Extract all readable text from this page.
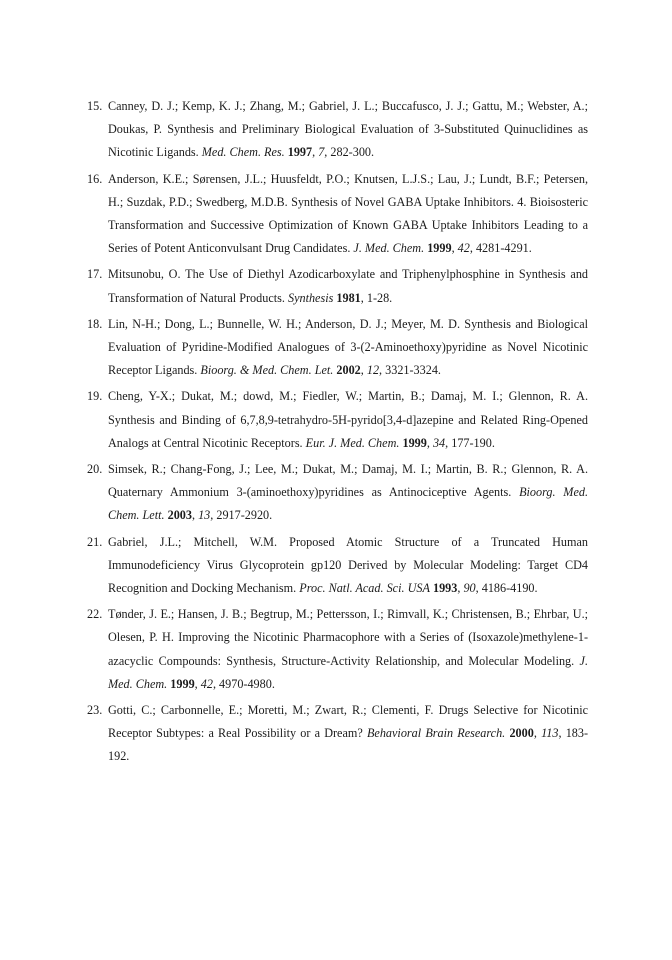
15. Canney, D. J.; Kemp, K. J.; Zhang, M.; Gabriel, J. L.; Buccafusco, J. J.; Gattu, M.; Webster, A.; Doukas, P. Synthesis and Preliminary Biological Evaluation of 3-Substituted Quinuclidines as Nicotinic Ligands. Med. Chem. Res. 1997, 7, 282-300.
16. Anderson, K.E.; Sørensen, J.L.; Huusfeldt, P.O.; Knutsen, L.J.S.; Lau, J.; Lundt, B.F.; Petersen, H.; Suzdak, P.D.; Swedberg, M.D.B. Synthesis of Novel GABA Uptake Inhibitors. 4. Bioisosteric Transformation and Successive Optimization of Known GABA Uptake Inhibitors Leading to a Series of Potent Anticonvulsant Drug Candidates. J. Med. Chem. 1999, 42, 4281-4291.
17. Mitsunobu, O. The Use of Diethyl Azodicarboxylate and Triphenylphosphine in Synthesis and Transformation of Natural Products. Synthesis 1981, 1-28.
18. Lin, N-H.; Dong, L.; Bunnelle, W. H.; Anderson, D. J.; Meyer, M. D. Synthesis and Biological Evaluation of Pyridine-Modified Analogues of 3-(2-Aminoethoxy)pyridine as Novel Nicotinic Receptor Ligands. Bioorg. & Med. Chem. Let. 2002, 12, 3321-3324.
19. Cheng, Y-X.; Dukat, M.; dowd, M.; Fiedler, W.; Martin, B.; Damaj, M. I.; Glennon, R. A. Synthesis and Binding of 6,7,8,9-tetrahydro-5H-pyrido[3,4-d]azepine and Related Ring-Opened Analogs at Central Nicotinic Receptors. Eur. J. Med. Chem. 1999, 34, 177-190.
20. Simsek, R.; Chang-Fong, J.; Lee, M.; Dukat, M.; Damaj, M. I.; Martin, B. R.; Glennon, R. A. Quaternary Ammonium 3-(aminoethoxy)pyridines as Antinociceptive Agents. Bioorg. Med. Chem. Lett. 2003, 13, 2917-2920.
21. Gabriel, J.L.; Mitchell, W.M. Proposed Atomic Structure of a Truncated Human Immunodeficiency Virus Glycoprotein gp120 Derived by Molecular Modeling: Target CD4 Recognition and Docking Mechanism. Proc. Natl. Acad. Sci. USA 1993, 90, 4186-4190.
22. Tønder, J. E.; Hansen, J. B.; Begtrup, M.; Pettersson, I.; Rimvall, K.; Christensen, B.; Ehrbar, U.; Olesen, P. H. Improving the Nicotinic Pharmacophore with a Series of (Isoxazole)methylene-1-azacyclic Compounds: Synthesis, Structure-Activity Relationship, and Molecular Modeling. J. Med. Chem. 1999, 42, 4970-4980.
23. Gotti, C.; Carbonnelle, E.; Moretti, M.; Zwart, R.; Clementi, F. Drugs Selective for Nicotinic Receptor Subtypes: a Real Possibility or a Dream? Behavioral Brain Research. 2000, 113, 183-192.
